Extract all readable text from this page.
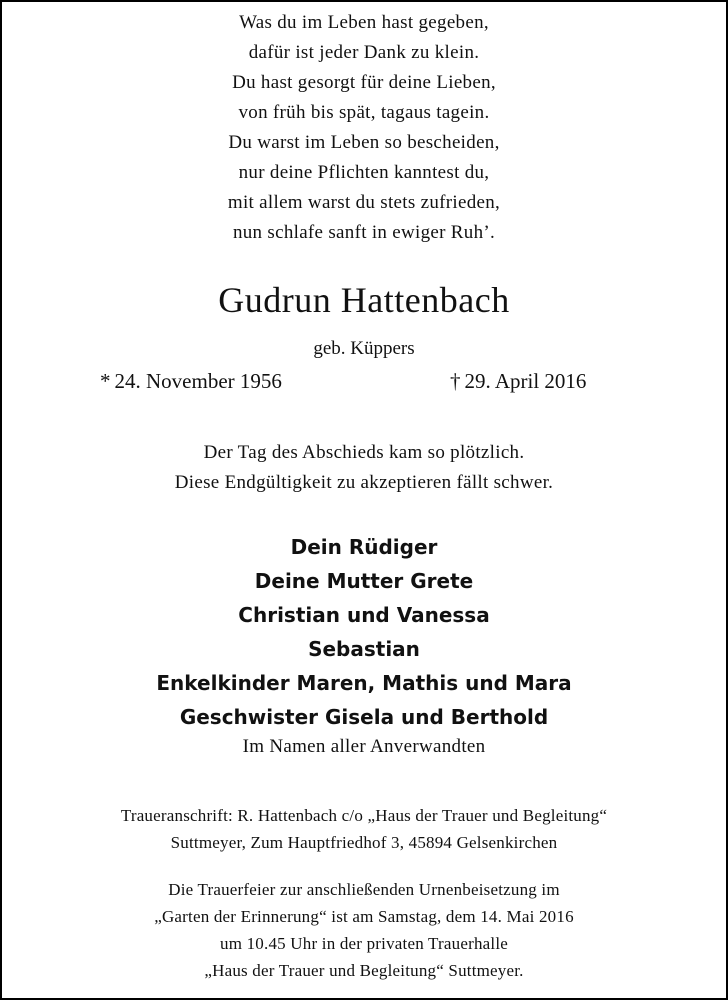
Was du im Leben hast gegeben,
dafür ist jeder Dank zu klein.
Du hast gesorgt für deine Lieben,
von früh bis spät, tagaus tagein.
Du warst im Leben so bescheiden,
nur deine Pflichten kanntest du,
mit allem warst du stets zufrieden,
nun schlafe sanft in ewiger Ruh’.
Gudrun Hattenbach
geb. Küppers
* 24. November 1956	† 29. April 2016
Der Tag des Abschieds kam so plötzlich.
Diese Endgültigkeit zu akzeptieren fällt schwer.
Dein Rüdiger
Deine Mutter Grete
Christian und Vanessa
Sebastian
Enkelkinder Maren, Mathis und Mara
Geschwister Gisela und Berthold
Im Namen aller Anverwandten
Traueranschrift: R. Hattenbach c/o „Haus der Trauer und Begleitung“
Suttmeyer, Zum Hauptfriedhof 3, 45894 Gelsenkirchen
Die Trauerfeier zur anschließenden Urnenbeisetzung im
„Garten der Erinnerung“ ist am Samstag, dem 14. Mai 2016
um 10.45 Uhr in der privaten Trauerhalle
„Haus der Trauer und Begleitung“ Suttmeyer.
